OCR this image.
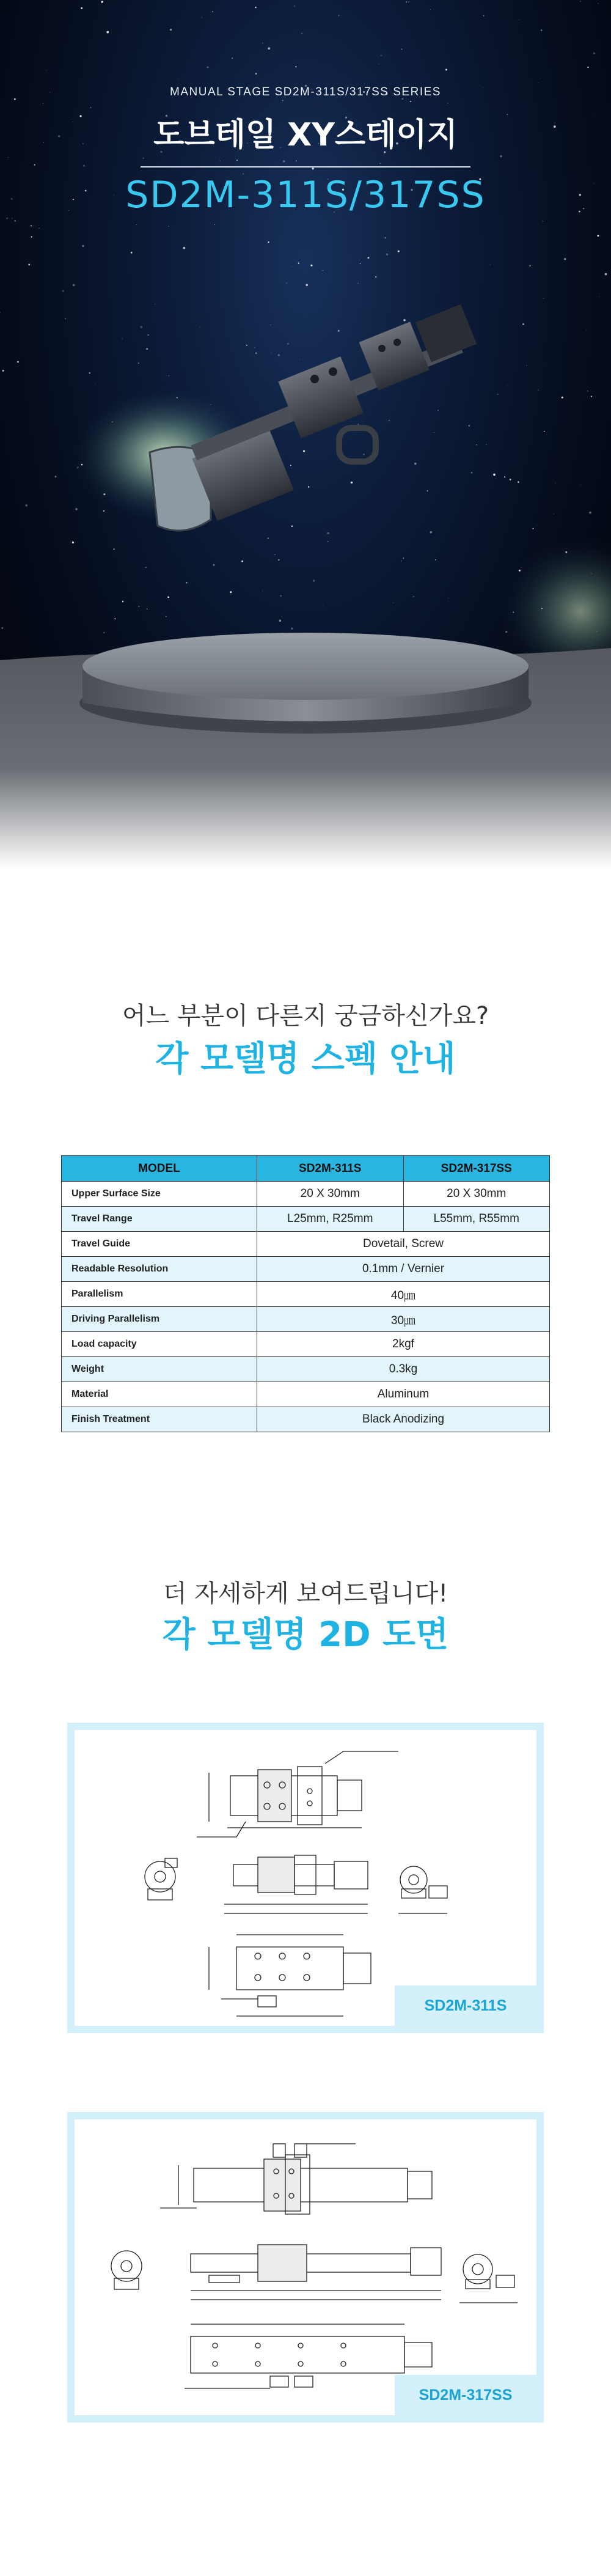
MANUAL STAGE SD2M-311S/317SS SERIES
도브테일 XY스테이지
SD2M-311S/317SS
어느 부분이 다른지 궁금하신가요?
각 모델명 스펙 안내
MODEL	SD2M-311S	SD2M-317SS
Upper Surface Size	20 X 30mm	20 X 30mm
Travel Range	L25mm, R25mm	L55mm, R55mm
Travel Guide	Dovetail, Screw	
Readable Resolution	0.1mm / Vernier	
Parallelism	40㎛	
Driving Parallelism	30㎛	
Load capacity	2kgf	
Weight	0.3kg	
Material	Aluminum	
Finish Treatment	Black Anodizing	
더 자세하게 보여드립니다!
각 모델명 2D 도면
SD2M-311S
SD2M-317SS
